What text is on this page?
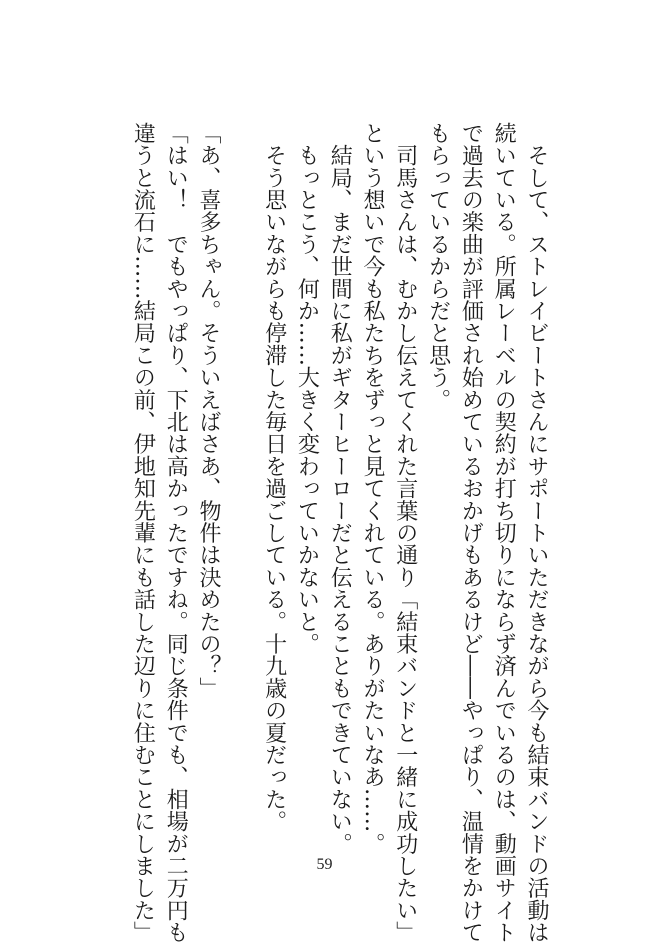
　そして、ストレイビートさんにサポートいただきながら今も結束バンドの活動は
続いている。所属レーベルの契約が打ち切りにならず済んでいるのは、動画サイト
で過去の楽曲が評価され始めているおかげもあるけど――やっぱり、温情をかけて
もらっているからだと思う。
　司馬さんは、むかし伝えてくれた言葉の通り「結束バンドと一緒に成功したい」
という想いで今も私たちをずっと見てくれている。ありがたいなあ……。
　結局、まだ世間に私がギターヒーローだと伝えることもできていない。
　もっとこう、何か……大きく変わっていかないと。
　そう思いながらも停滞した毎日を過ごしている。十九歳の夏だった。
「あ、喜多ちゃん。そういえばさあ、物件は決めたの？」
「はい！　でもやっぱり、下北は高かったですね。同じ条件でも、相場が二万円も
違うと流石に……結局この前、伊地知先輩にも話した辺りに住むことにしました」	59
